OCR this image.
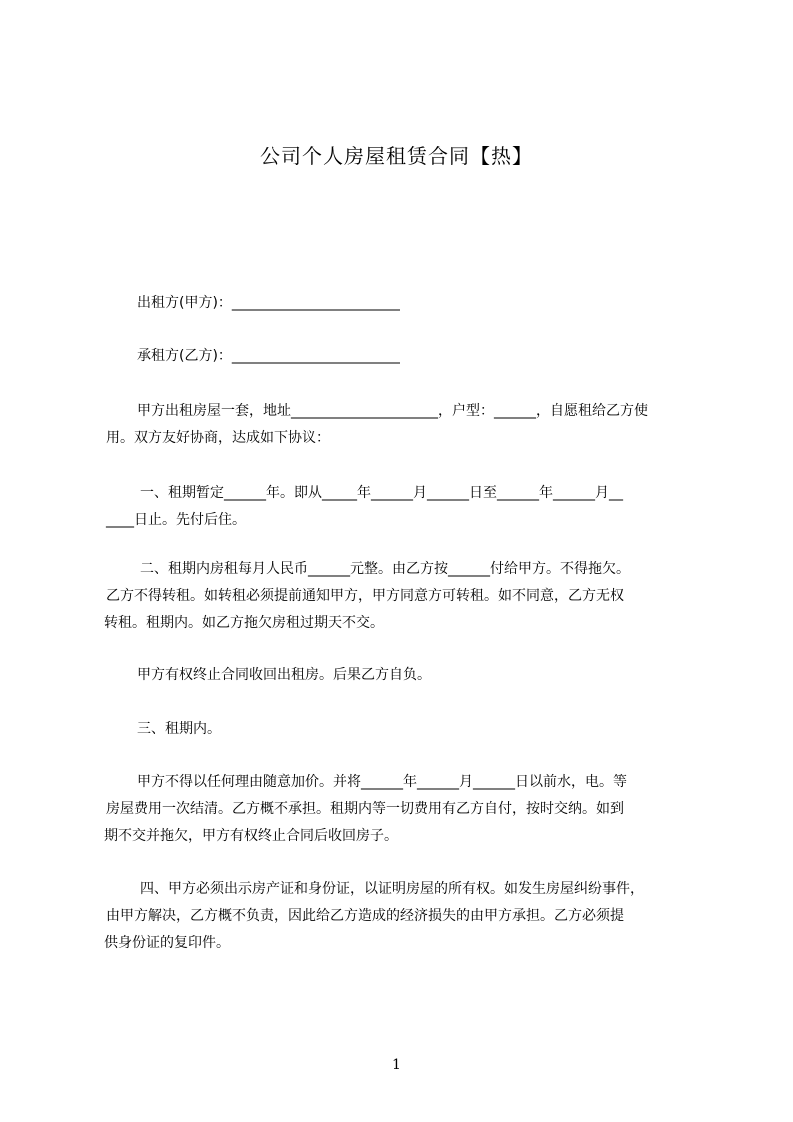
公司个人房屋租赁合同【热】
出租方(甲方)：________________________
承租方(乙方)：________________________
甲方出租房屋一套，地址_____________________，户型：______，自愿租给乙方使
用。双方友好协商，达成如下协议：
一、租期暂定______年。即从_____年______月______日至______年______月__
____日止。先付后住。
二、租期内房租每月人民币______元整。由乙方按______付给甲方。不得拖欠。
乙方不得转租。如转租必须提前通知甲方，甲方同意方可转租。如不同意，乙方无权
转租。租期内。如乙方拖欠房租过期天不交。
甲方有权终止合同收回出租房。后果乙方自负。
三、租期内。
甲方不得以任何理由随意加价。并将______年______月______日以前水，电。等
房屋费用一次结清。乙方概不承担。租期内等一切费用有乙方自付，按时交纳。如到
期不交并拖欠，甲方有权终止合同后收回房子。
四、甲方必须出示房产证和身份证，以证明房屋的所有权。如发生房屋纠纷事件，
由甲方解决，乙方概不负责，因此给乙方造成的经济损失的由甲方承担。乙方必须提
供身份证的复印件。
1
